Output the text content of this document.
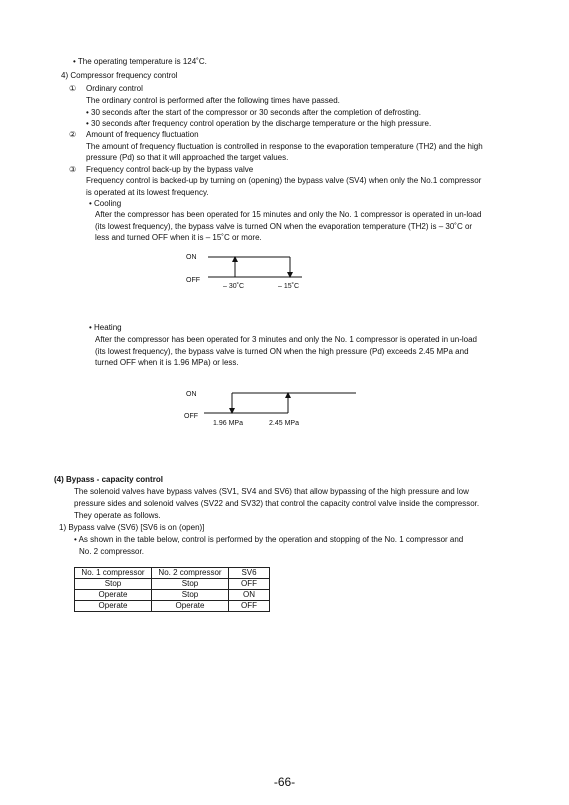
• The operating temperature is 124˚C.
4) Compressor frequency control
① Ordinary control
The ordinary control is performed after the following times have passed.
• 30 seconds after the start of the compressor or 30 seconds after the completion of defrosting.
• 30 seconds after frequency control operation by the discharge temperature or the high pressure.
② Amount of frequency fluctuation
The amount of frequency fluctuation is controlled in response to the evaporation temperature (TH2) and the high
pressure (Pd) so that it will approached the target values.
③ Frequency control back-up by the bypass valve
Frequency control is backed-up by turning on (opening) the bypass valve (SV4) when only the No.1 compressor
is operated at its lowest frequency.
• Cooling
After the compressor has been operated for 15 minutes and only the No. 1 compressor is operated in un-load
(its lowest frequency), the bypass valve is turned ON when the evaporation temperature (TH2) is – 30˚C or
less and turned OFF when it is – 15˚C or more.
ON
OFF
– 30˚C	– 15˚C
• Heating
After the compressor has been operated for 3 minutes and only the No. 1 compressor is operated in un-load
(its lowest frequency), the bypass valve is turned ON when the high pressure (Pd) exceeds 2.45 MPa and
turned OFF when it is 1.96 MPa) or less.
ON
OFF
1.96 MPa	2.45 MPa
(4) Bypass - capacity control
The solenoid valves have bypass valves (SV1, SV4 and SV6) that allow bypassing of the high pressure and low
pressure sides and solenoid valves (SV22 and SV32) that control the capacity control valve inside the compressor.
They operate as follows.
1) Bypass valve (SV6) [SV6 is on (open)]
• As shown in the table below, control is performed by the operation and stopping of the No. 1 compressor and
No. 2 compressor.
No. 1 compressor	No. 2 compressor	SV6
Stop	Stop	OFF
Operate	Stop	ON
Operate	Operate	OFF
-66-
